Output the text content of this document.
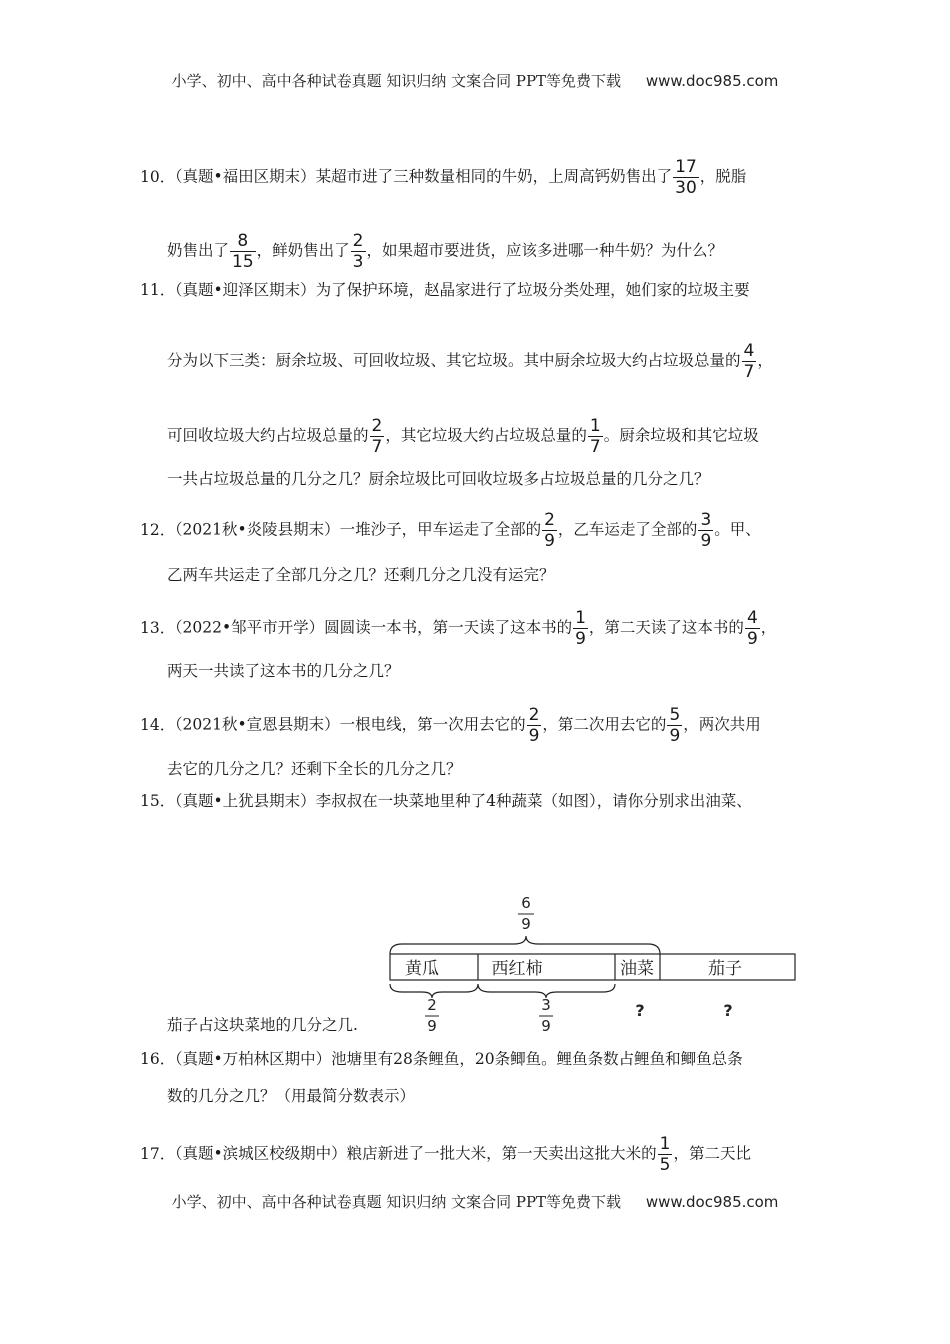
小学、初中、高中各种试卷真题 知识归纳 文案合同 PPT等免费下载 www.doc985.com
10．（真题•福田区期末）某超市进了三种数量相同的牛奶，上周高钙奶售出了 $\frac{17}{30}$ ，脱脂
奶售出了 $\frac{8}{15}$ ，鲜奶售出了 $\frac{2}{3}$ ，如果超市要进货，应该多进哪一种牛奶？为什么？
11．（真题•迎泽区期末）为了保护环境，赵晶家进行了垃圾分类处理，她们家的垃圾主要
分为以下三类：厨余垃圾、可回收垃圾、其它垃圾。其中厨余垃圾大约占垃圾总量的 $\frac{4}{7}$ ，
可回收垃圾大约占垃圾总量的 $\frac{2}{7}$ ，其它垃圾大约占垃圾总量的 $\frac{1}{7}$ 。厨余垃圾和其它垃圾
一共占垃圾总量的几分之几？厨余垃圾比可回收垃圾多占垃圾总量的几分之几？
12．（2021秋•炎陵县期末）一堆沙子，甲车运走了全部的 $\frac{2}{9}$ ，乙车运走了全部的 $\frac{3}{9}$ 。甲、
乙两车共运走了全部几分之几？还剩几分之几没有运完？
13．（2022•邹平市开学）圆圆读一本书，第一天读了这本书的 $\frac{1}{9}$ ，第二天读了这本书的 $\frac{4}{9}$ ，
两天一共读了这本书的几分之几？
14．（2021秋•宣恩县期末）一根电线，第一次用去它的 $\frac{2}{9}$ ，第二次用去它的 $\frac{5}{9}$ ，两次共用
去它的几分之几？还剩下全长的几分之几？
15．（真题•上犹县期末）李叔叔在一块菜地里种了4种蔬菜（如图），请你分别求出油菜、
6
9
黄瓜	西红柿	油菜	茄子
2
9
3
9
?	?
茄子占这块菜地的几分之几.
16．（真题•万柏林区期中）池塘里有28条鲤鱼，20条鲫鱼。鲤鱼条数占鲤鱼和鲫鱼总条
数的几分之几？（用最简分数表示）
17．（真题•滨城区校级期中）粮店新进了一批大米，第一天卖出这批大米的 $\frac{1}{5}$ ，第二天比
小学、初中、高中各种试卷真题 知识归纳 文案合同 PPT等免费下载 www.doc985.com
